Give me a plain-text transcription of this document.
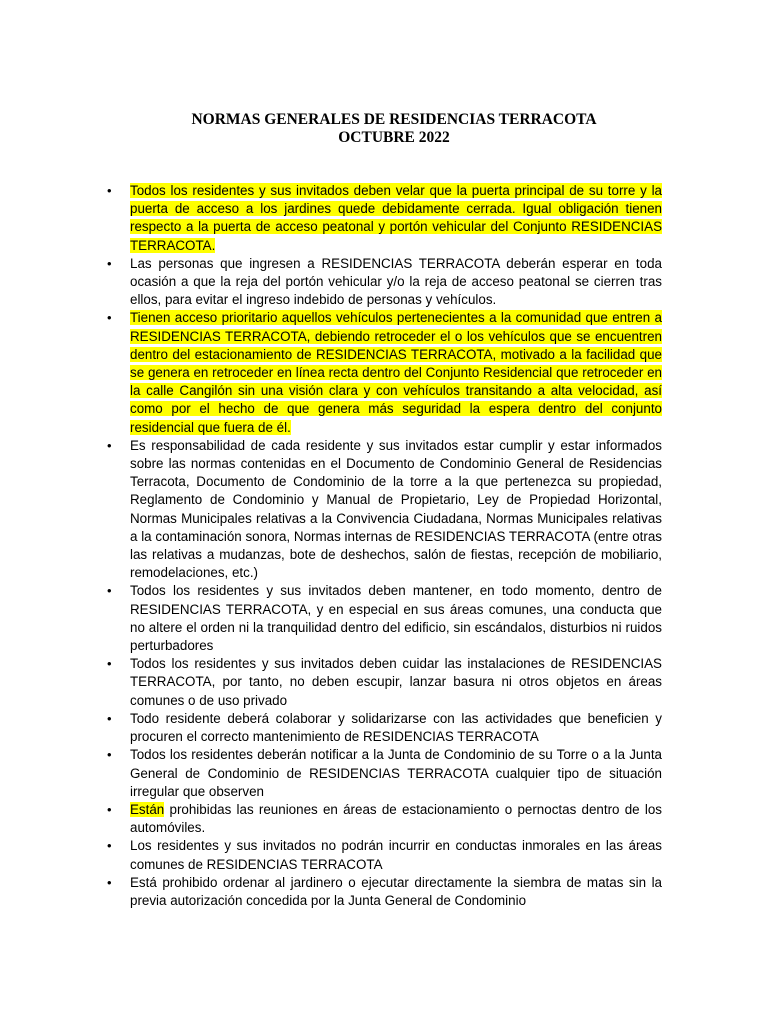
NORMAS GENERALES DE RESIDENCIAS TERRACOTA
OCTUBRE 2022
•	Todos los residentes y sus invitados deben velar que la puerta principal de su torre y la puerta de acceso a los jardines quede debidamente cerrada. Igual obligación tienen respecto a la puerta de acceso peatonal y portón vehicular del Conjunto RESIDENCIAS TERRACOTA.
•	Las personas que ingresen a RESIDENCIAS TERRACOTA deberán esperar en toda ocasión a que la reja del portón vehicular y/o la reja de acceso peatonal se cierren tras ellos, para evitar el ingreso indebido de personas y vehículos.
•	Tienen acceso prioritario aquellos vehículos pertenecientes a la comunidad que entren a RESIDENCIAS TERRACOTA, debiendo retroceder el o los vehículos que se encuentren dentro del estacionamiento de RESIDENCIAS TERRACOTA, motivado a la facilidad que se genera en retroceder en línea recta dentro del Conjunto Residencial que retroceder en la calle Cangilón sin una visión clara y con vehículos transitando a alta velocidad, así como por el hecho de que genera más seguridad la espera dentro del conjunto residencial que fuera de él.
•	Es responsabilidad de cada residente y sus invitados estar cumplir y estar informados sobre las normas contenidas en el Documento de Condominio General de Residencias Terracota, Documento de Condominio de la torre a la que pertenezca su propiedad, Reglamento de Condominio y Manual de Propietario, Ley de Propiedad Horizontal, Normas Municipales relativas a la Convivencia Ciudadana, Normas Municipales relativas a la contaminación sonora, Normas internas de RESIDENCIAS TERRACOTA (entre otras las relativas a mudanzas, bote de deshechos, salón de fiestas, recepción de mobiliario, remodelaciones, etc.)
•	Todos los residentes y sus invitados deben mantener, en todo momento, dentro de RESIDENCIAS TERRACOTA, y en especial en sus áreas comunes, una conducta que no altere el orden ni la tranquilidad dentro del edificio, sin escándalos, disturbios ni ruidos perturbadores
•	Todos los residentes y sus invitados deben cuidar las instalaciones de RESIDENCIAS TERRACOTA, por tanto, no deben escupir, lanzar basura ni otros objetos en áreas comunes o de uso privado
•	Todo residente deberá colaborar y solidarizarse con las actividades que beneficien y procuren el correcto mantenimiento de RESIDENCIAS TERRACOTA
•	Todos los residentes deberán notificar a la Junta de Condominio de su Torre o a la Junta General de Condominio de RESIDENCIAS TERRACOTA cualquier tipo de situación irregular que observen
•	Están prohibidas las reuniones en áreas de estacionamiento o pernoctas dentro de los automóviles.
•	Los residentes y sus invitados no podrán incurrir en conductas inmorales en las áreas comunes de RESIDENCIAS TERRACOTA
•	Está prohibido ordenar al jardinero o ejecutar directamente la siembra de matas sin la previa autorización concedida por la Junta General de Condominio
